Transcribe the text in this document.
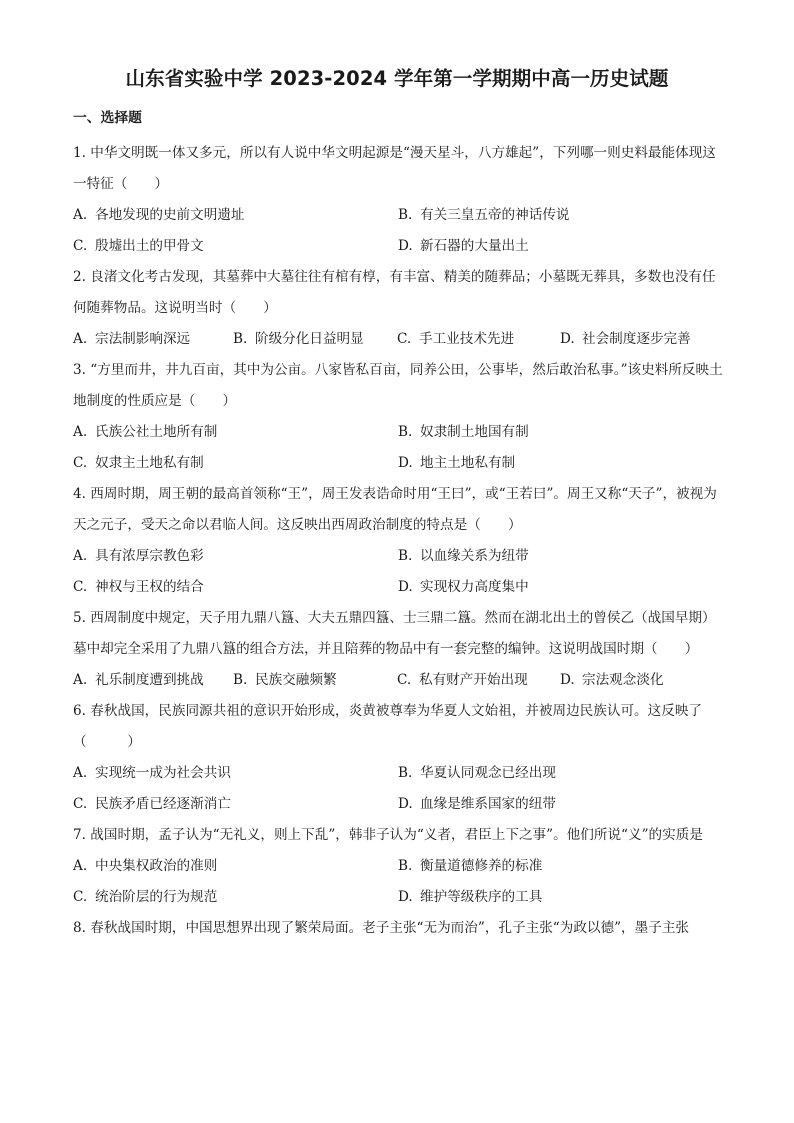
山东省实验中学 2023-2024 学年第一学期期中高一历史试题
一、选择题

1. 中华文明既一体又多元，所以有人说中华文明起源是“漫天星斗，八方雄起”，下列哪一则史料最能体现这一特征（　　）

A. 各地发现的史前文明遗址	B. 有关三皇五帝的神话传说
C. 殷墟出土的甲骨文	D. 新石器的大量出土

2. 良渚文化考古发现，其墓葬中大墓往往有棺有椁，有丰富、精美的随葬品；小墓既无葬具，多数也没有任何随葬物品。这说明当时（　　）

A. 宗法制影响深远	B. 阶级分化日益明显	C. 手工业技术先进	D. 社会制度逐步完善

3. “方里而井，井九百亩，其中为公亩。八家皆私百亩，同养公田，公事毕，然后敢治私事。”该史料所反映土地制度的性质应是（　　）

A. 氏族公社土地所有制	B. 奴隶制土地国有制
C. 奴隶主土地私有制	D. 地主土地私有制

4. 西周时期，周王朝的最高首领称“王”，周王发表诰命时用“王曰”，或“王若曰”。周王又称“天子”，被视为天之元子，受天之命以君临人间。这反映出西周政治制度的特点是（　　）

A. 具有浓厚宗教色彩	B. 以血缘关系为纽带
C. 神权与王权的结合	D. 实现权力高度集中

5. 西周制度中规定，天子用九鼎八簋、大夫五鼎四簋、士三鼎二簋。然而在湖北出土的曾侯乙（战国早期）墓中却完全采用了九鼎八簋的组合方法，并且陪葬的物品中有一套完整的编钟。这说明战国时期（　　）

A. 礼乐制度遭到挑战	B. 民族交融频繁	C. 私有财产开始出现	D. 宗法观念淡化

6. 春秋战国，民族同源共祖的意识开始形成，炎黄被尊奉为华夏人文始祖，并被周边民族认可。这反映了（　　　）

A. 实现统一成为社会共识	B. 华夏认同观念已经出现
C. 民族矛盾已经逐渐消亡	D. 血缘是维系国家的纽带

7. 战国时期，孟子认为“无礼义，则上下乱”，韩非子认为“义者，君臣上下之事”。他们所说“义”的实质是

A. 中央集权政治的准则	B. 衡量道德修养的标准
C. 统治阶层的行为规范	D. 维护等级秩序的工具

8. 春秋战国时期，中国思想界出现了繁荣局面。老子主张“无为而治”，孔子主张“为政以德”，墨子主张
